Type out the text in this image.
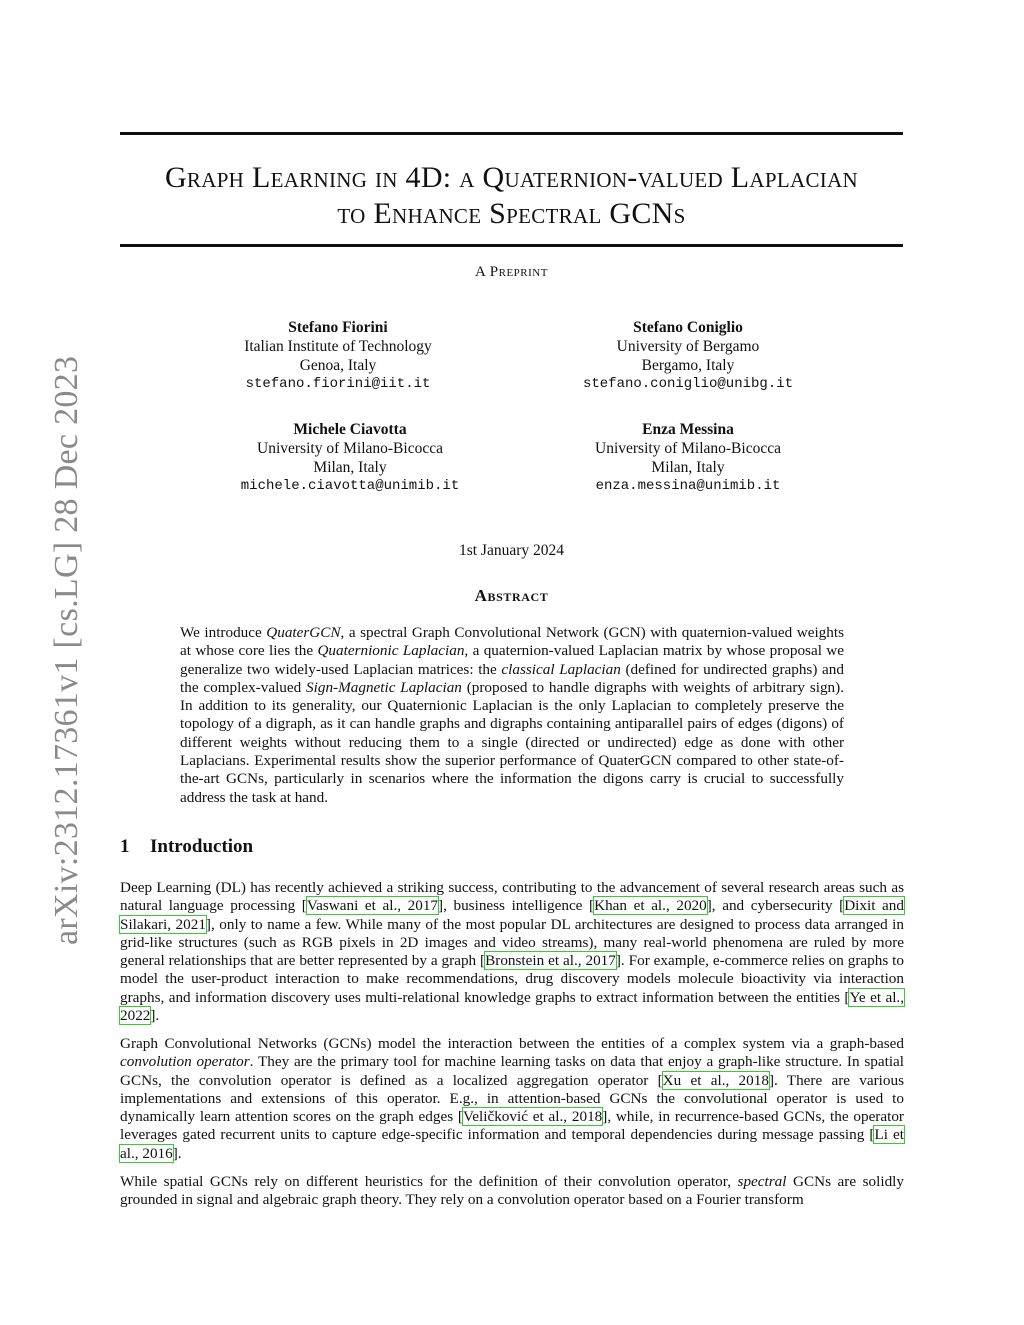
arXiv:2312.17361v1 [cs.LG] 28 Dec 2023
Graph Learning in 4D: a Quaternion-valued Laplacian
to Enhance Spectral GCNs
A Preprint
Stefano Fiorini
Italian Institute of Technology
Genoa, Italy
stefano.fiorini@iit.it
Stefano Coniglio
University of Bergamo
Bergamo, Italy
stefano.coniglio@unibg.it
Michele Ciavotta
University of Milano-Bicocca
Milan, Italy
michele.ciavotta@unimib.it
Enza Messina
University of Milano-Bicocca
Milan, Italy
enza.messina@unimib.it
1st January 2024
Abstract

We introduce QuaterGCN, a spectral Graph Convolutional Network (GCN) with quaternion-valued weights at whose core lies the Quaternionic Laplacian, a quaternion-valued Laplacian matrix by whose proposal we generalize two widely-used Laplacian matrices: the classical Laplacian (defined for undirected graphs) and the complex-valued Sign-Magnetic Laplacian (proposed to handle digraphs with weights of arbitrary sign). In addition to its generality, our Quaternionic Laplacian is the only Laplacian to completely preserve the topology of a digraph, as it can handle graphs and digraphs containing antiparallel pairs of edges (digons) of different weights without reducing them to a single (directed or undirected) edge as done with other Laplacians. Experimental results show the superior performance of QuaterGCN compared to other state-of-the-art GCNs, particularly in scenarios where the information the digons carry is crucial to successfully address the task at hand.

1 Introduction

Deep Learning (DL) has recently achieved a striking success, contributing to the advancement of several research areas such as natural language processing [Vaswani et al., 2017], business intelligence [Khan et al., 2020], and cybersecurity [Dixit and Silakari, 2021], only to name a few. While many of the most popular DL architectures are designed to process data arranged in grid-like structures (such as RGB pixels in 2D images and video streams), many real-world phenomena are ruled by more general relationships that are better represented by a graph [Bronstein et al., 2017]. For example, e-commerce relies on graphs to model the user-product interaction to make recommendations, drug discovery models molecule bioactivity via interaction graphs, and information discovery uses multi-relational knowledge graphs to extract information between the entities [Ye et al., 2022].

Graph Convolutional Networks (GCNs) model the interaction between the entities of a complex system via a graph-based convolution operator. They are the primary tool for machine learning tasks on data that enjoy a graph-like structure. In spatial GCNs, the convolution operator is defined as a localized aggregation operator [Xu et al., 2018]. There are various implementations and extensions of this operator. E.g., in attention-based GCNs the convolutional operator is used to dynamically learn attention scores on the graph edges [Veličković et al., 2018], while, in recurrence-based GCNs, the operator leverages gated recurrent units to capture edge-specific information and temporal dependencies during message passing [Li et al., 2016].

While spatial GCNs rely on different heuristics for the definition of their convolution operator, spectral GCNs are solidly grounded in signal and algebraic graph theory. They rely on a convolution operator based on a Fourier transform
